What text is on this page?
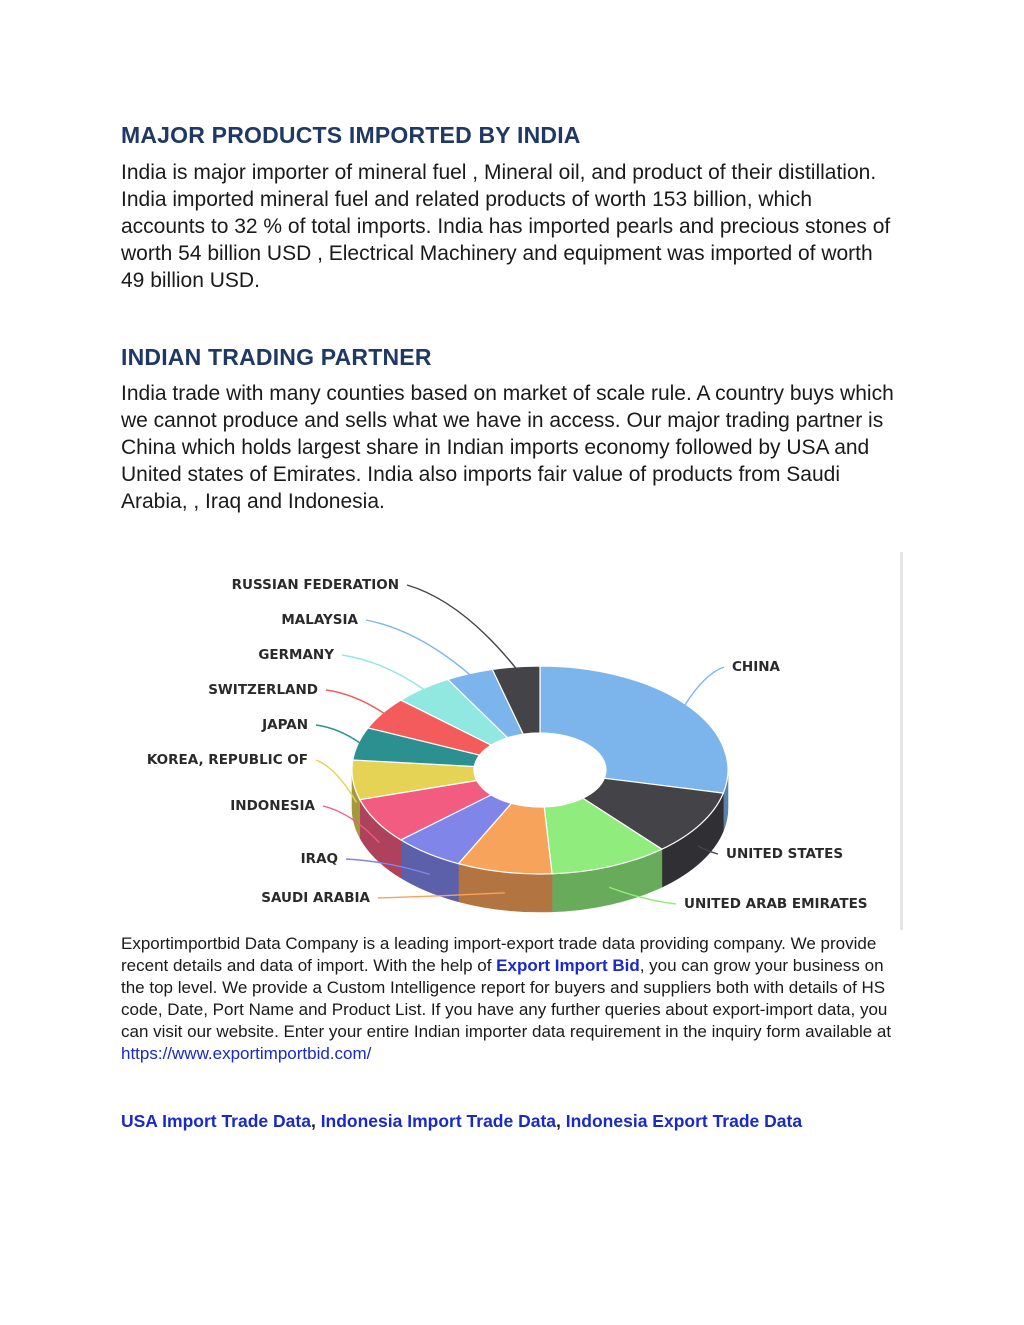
MAJOR PRODUCTS IMPORTED BY INDIA

India is major importer of mineral fuel , Mineral oil, and product of their distillation. India imported mineral fuel and related products of worth 153 billion, which accounts to 32 % of total imports. India has imported pearls and precious stones of worth 54 billion USD , Electrical Machinery and equipment was imported of worth 49 billion USD.

INDIAN TRADING PARTNER

India trade with many counties based on market of scale rule. A country buys which we cannot produce and sells what we have in access. Our major trading partner is China which holds largest share in Indian imports economy followed by USA and United states of Emirates. India also imports fair value of products from Saudi Arabia, , Iraq and Indonesia.

CHINA
UNITED STATES
UNITED ARAB EMIRATES
SAUDI ARABIA
IRAQ
INDONESIA
KOREA, REPUBLIC OF
JAPAN
SWITZERLAND
GERMANY
MALAYSIA
RUSSIAN FEDERATION

Exportimportbid Data Company is a leading import-export trade data providing company. We provide recent details and data of import. With the help of Export Import Bid, you can grow your business on the top level. We provide a Custom Intelligence report for buyers and suppliers both with details of HS code, Date, Port Name and Product List. If you have any further queries about export-import data, you can visit our website. Enter your entire Indian importer data requirement in the inquiry form available at https://www.exportimportbid.com/

USA Import Trade Data, Indonesia Import Trade Data, Indonesia Export Trade Data
